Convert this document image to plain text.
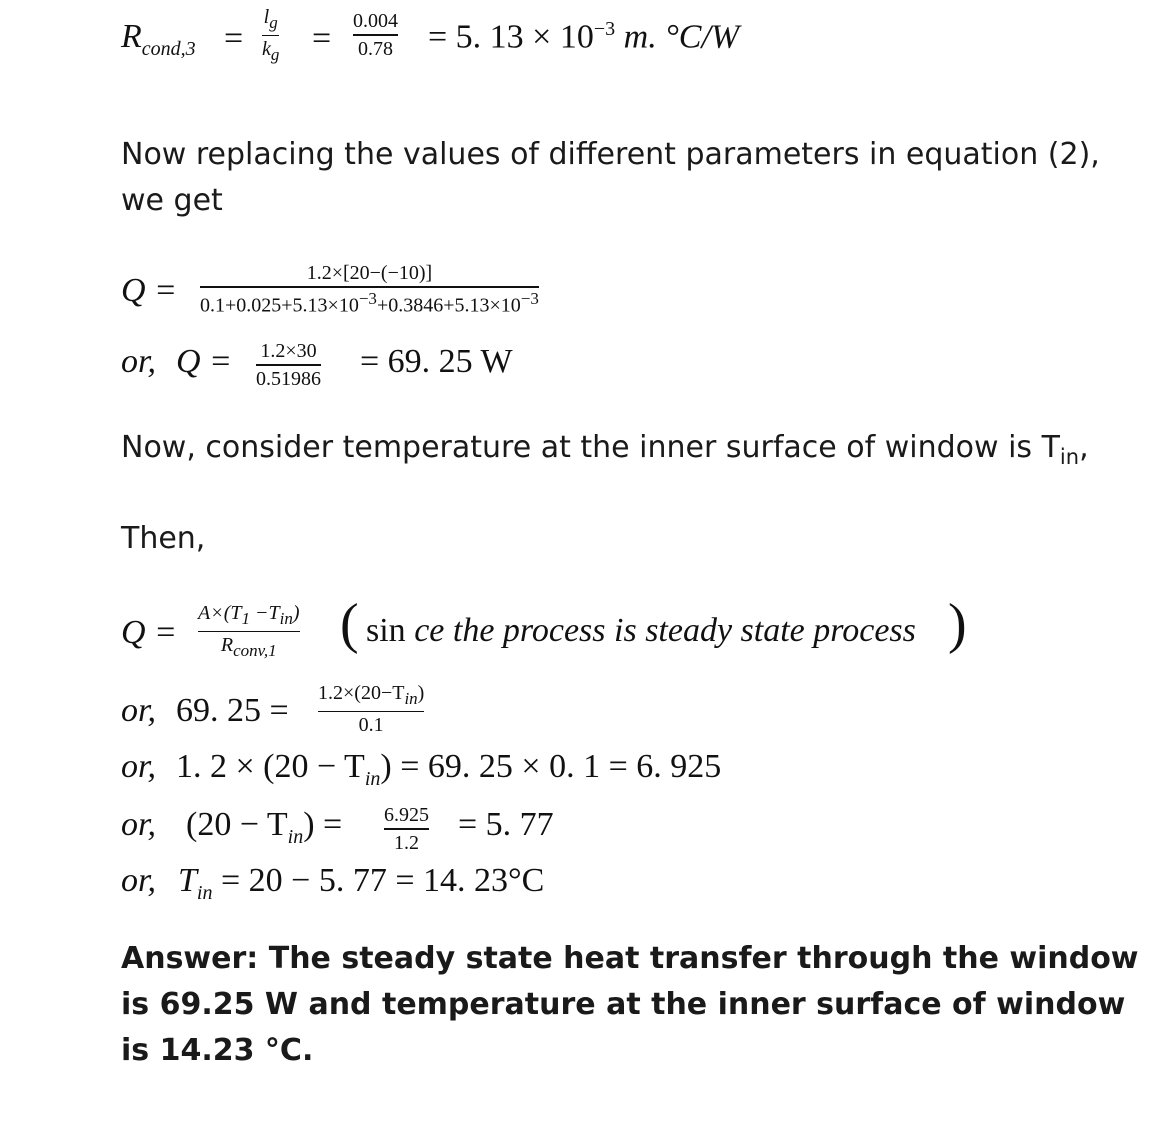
$R_{cond,3}$ =
$l_g$
$k_g = 0.004$
0.78 = 5. $13 \times 10^{-3}$ m. °C/W
Now replacing the values of different parameters in equation (2),
we get
Q =	1.2×[20−(−10)]
$0.1+0.025+5.13\times 10^{-3}+0.3846+5.13\times 10^{-3}$
or, Q = 1.2×30
0.51986 = 69. 25 W
Now, consider temperature at the inner surface of window is $T_{in}$,
Then,
Q =
$A\times(T_1 -T_{in})$
$R_{conv,1}$ ( sin ce the process is steady state process )
or, 69. $25 = 1.2\times(20-T_{in})$
0.1
or, 1. $2 \times (20 - T_{in}) = 69$. 25 × 0. 1 = 6. 925
or, $(20 - T_{in}) = 6.925$
1.2 = 5. 77
or, $T_{in} = 20 - 5$. 77 = 14. 23°C
Answer: The steady state heat transfer through the window is 69.25 W and temperature at the inner surface of window is 14.23 °C.
